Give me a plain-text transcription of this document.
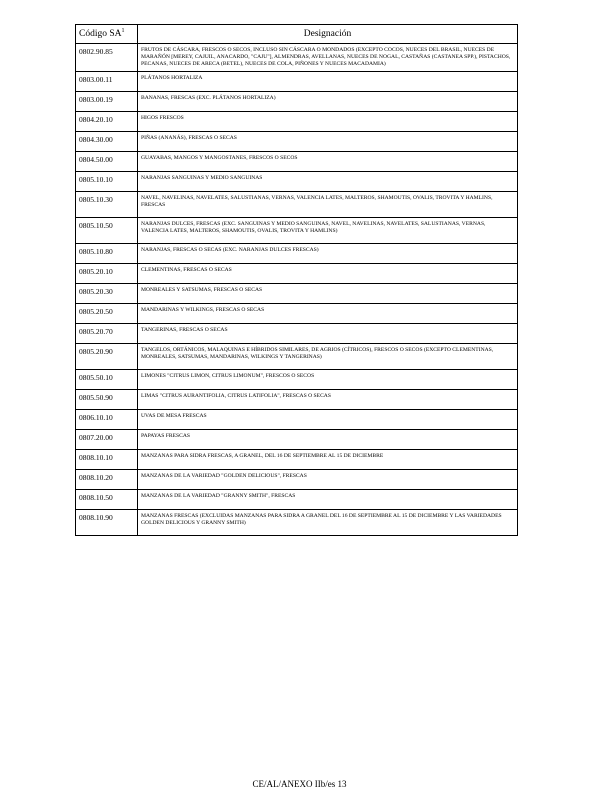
Código $SA^1$	Designación
0802.90.85	FRUTOS DE CÁSCARA, FRESCOS O SECOS, INCLUSO SIN CÁSCARA O MONDADOS (EXCEPTO COCOS, NUECES DEL BRASIL, NUECES DE MARAÑÓN [MEREY, CAJUIL, ANACARDO, "CAJU"], ALMENDRAS, AVELLANAS, NUECES DE NOGAL, CASTAÑAS (CASTANEA SPP.), PISTACHOS, PECANAS, NUECES DE ARECA (BETEL), NUECES DE COLA, PIÑONES Y NUECES MACADAMIA)
0803.00.11	PLÁTANOS HORTALIZA
0803.00.19	BANANAS, FRESCAS (EXC. PLÁTANOS HORTALIZA)
0804.20.10	HIGOS FRESCOS
0804.30.00	PIÑAS (ANANÁS), FRESCAS O SECAS
0804.50.00	GUAYABAS, MANGOS Y MANGOSTANES, FRESCOS O SECOS
0805.10.10	NARANJAS SANGUINAS Y MEDIO SANGUINAS
0805.10.30	NAVEL, NAVELINAS, NAVELATES, SALUSTIANAS, VERNAS, VALENCIA LATES, MALTEROS, SHAMOUTIS, OVALIS, TROVITA Y HAMLINS, FRESCAS
0805.10.50	NARANJAS DULCES, FRESCAS (EXC. SANGUINAS Y MEDIO SANGUINAS, NAVEL, NAVELINAS, NAVELATES, SALUSTIANAS, VERNAS, VALENCIA LATES, MALTEROS, SHAMOUTIS, OVALIS, TROVITA Y HAMLINS)
0805.10.80	NARANJAS, FRESCAS O SECAS (EXC. NARANJAS DULCES FRESCAS)
0805.20.10	CLEMENTINAS, FRESCAS O SECAS
0805.20.30	MONREALES Y SATSUMAS, FRESCAS O SECAS
0805.20.50	MANDARINAS Y WILKINGS, FRESCAS O SECAS
0805.20.70	TANGERINAS, FRESCAS O SECAS
0805.20.90	TANGELOS, ORTÁNICOS, MALAQUINAS E HÍBRIDOS SIMILARES, DE AGRIOS (CÍTRICOS), FRESCOS O SECOS (EXCEPTO CLEMENTINAS, MONREALES, SATSUMAS, MANDARINAS, WILKINGS Y TANGERINAS)
0805.50.10	LIMONES "CITRUS LIMON, CITRUS LIMONUM", FRESCOS O SECOS
0805.50.90	LIMAS "CITRUS AURANTIFOLIA, CITRUS LATIFOLIA", FRESCAS O SECAS
0806.10.10	UVAS DE MESA FRESCAS
0807.20.00	PAPAYAS FRESCAS
0808.10.10	MANZANAS PARA SIDRA FRESCAS, A GRANEL, DEL 16 DE SEPTIEMBRE AL 15 DE DICIEMBRE
0808.10.20	MANZANAS DE LA VARIEDAD "GOLDEN DELICIOUS", FRESCAS
0808.10.50	MANZANAS DE LA VARIEDAD "GRANNY SMITH", FRESCAS
0808.10.90	MANZANAS FRESCAS (EXCLUIDAS MANZANAS PARA SIDRA A GRANEL DEL 16 DE SEPTIEMBRE AL 15 DE DICIEMBRE Y LAS VARIEDADES GOLDEN DELICIOUS Y GRANNY SMITH)
CE/AL/ANEXO IIb/es 13
